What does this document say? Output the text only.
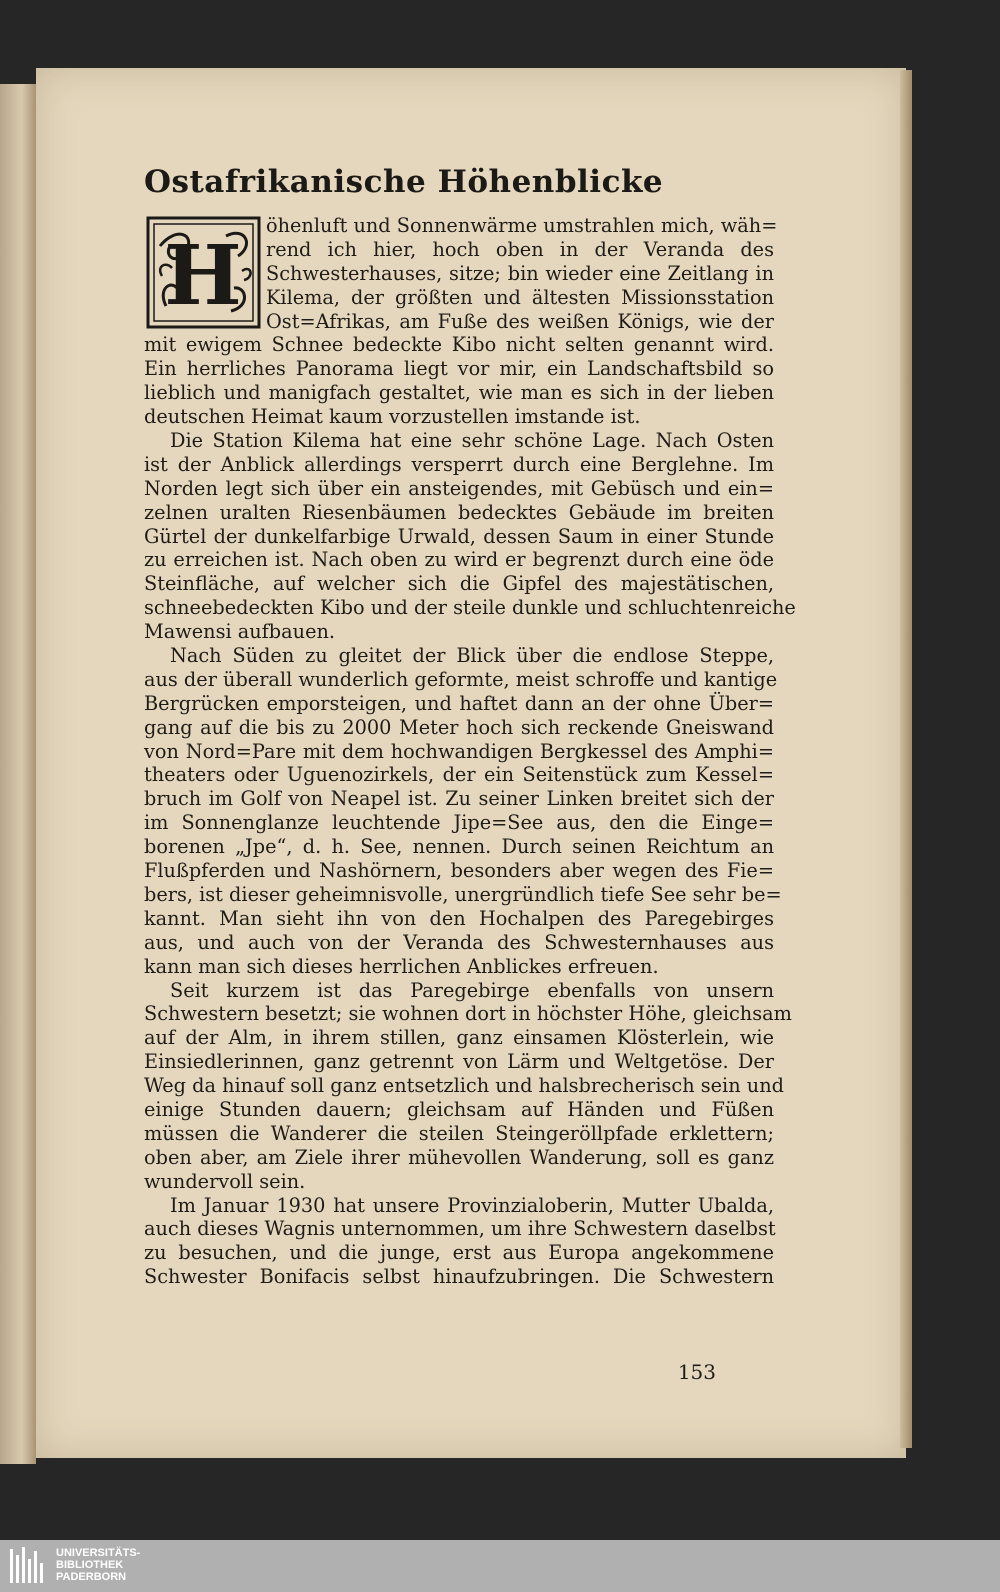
Ostafrikanische Höhenblicke
H
öhenluft und Sonnenwärme umstrahlen mich, wäh=
rend ich hier, hoch oben in der Veranda des
Schwesterhauses, sitze; bin wieder eine Zeitlang in
Kilema, der größten und ältesten Missionsstation
Ost=Afrikas, am Fuße des weißen Königs, wie der
mit ewigem Schnee bedeckte Kibo nicht selten genannt wird.
Ein herrliches Panorama liegt vor mir, ein Landschaftsbild so
lieblich und manigfach gestaltet, wie man es sich in der lieben
deutschen Heimat kaum vorzustellen imstande ist.
Die Station Kilema hat eine sehr schöne Lage. Nach Osten
ist der Anblick allerdings versperrt durch eine Berglehne. Im
Norden legt sich über ein ansteigendes, mit Gebüsch und ein=
zelnen uralten Riesenbäumen bedecktes Gebäude im breiten
Gürtel der dunkelfarbige Urwald, dessen Saum in einer Stunde
zu erreichen ist. Nach oben zu wird er begrenzt durch eine öde
Steinfläche, auf welcher sich die Gipfel des majestätischen,
schneebedeckten Kibo und der steile dunkle und schluchtenreiche
Mawensi aufbauen.
Nach Süden zu gleitet der Blick über die endlose Steppe,
aus der überall wunderlich geformte, meist schroffe und kantige
Bergrücken emporsteigen, und haftet dann an der ohne Über=
gang auf die bis zu 2000 Meter hoch sich reckende Gneiswand
von Nord=Pare mit dem hochwandigen Bergkessel des Amphi=
theaters oder Uguenozirkels, der ein Seitenstück zum Kessel=
bruch im Golf von Neapel ist. Zu seiner Linken breitet sich der
im Sonnenglanze leuchtende Jipe=See aus, den die Einge=
borenen „Jpe“, d. h. See, nennen. Durch seinen Reichtum an
Flußpferden und Nashörnern, besonders aber wegen des Fie=
bers, ist dieser geheimnisvolle, unergründlich tiefe See sehr be=
kannt. Man sieht ihn von den Hochalpen des Paregebirges
aus, und auch von der Veranda des Schwesternhauses aus
kann man sich dieses herrlichen Anblickes erfreuen.
Seit kurzem ist das Paregebirge ebenfalls von unsern
Schwestern besetzt; sie wohnen dort in höchster Höhe, gleichsam
auf der Alm, in ihrem stillen, ganz einsamen Klösterlein, wie
Einsiedlerinnen, ganz getrennt von Lärm und Weltgetöse. Der
Weg da hinauf soll ganz entsetzlich und halsbrecherisch sein und
einige Stunden dauern; gleichsam auf Händen und Füßen
müssen die Wanderer die steilen Steingeröllpfade erklettern;
oben aber, am Ziele ihrer mühevollen Wanderung, soll es ganz
wundervoll sein.
Im Januar 1930 hat unsere Provinzialoberin, Mutter Ubalda,
auch dieses Wagnis unternommen, um ihre Schwestern daselbst
zu besuchen, und die junge, erst aus Europa angekommene
Schwester Bonifacis selbst hinaufzubringen. Die Schwestern
153
UNIVERSITÄTS-
BIBLIOTHEK
PADERBORN
